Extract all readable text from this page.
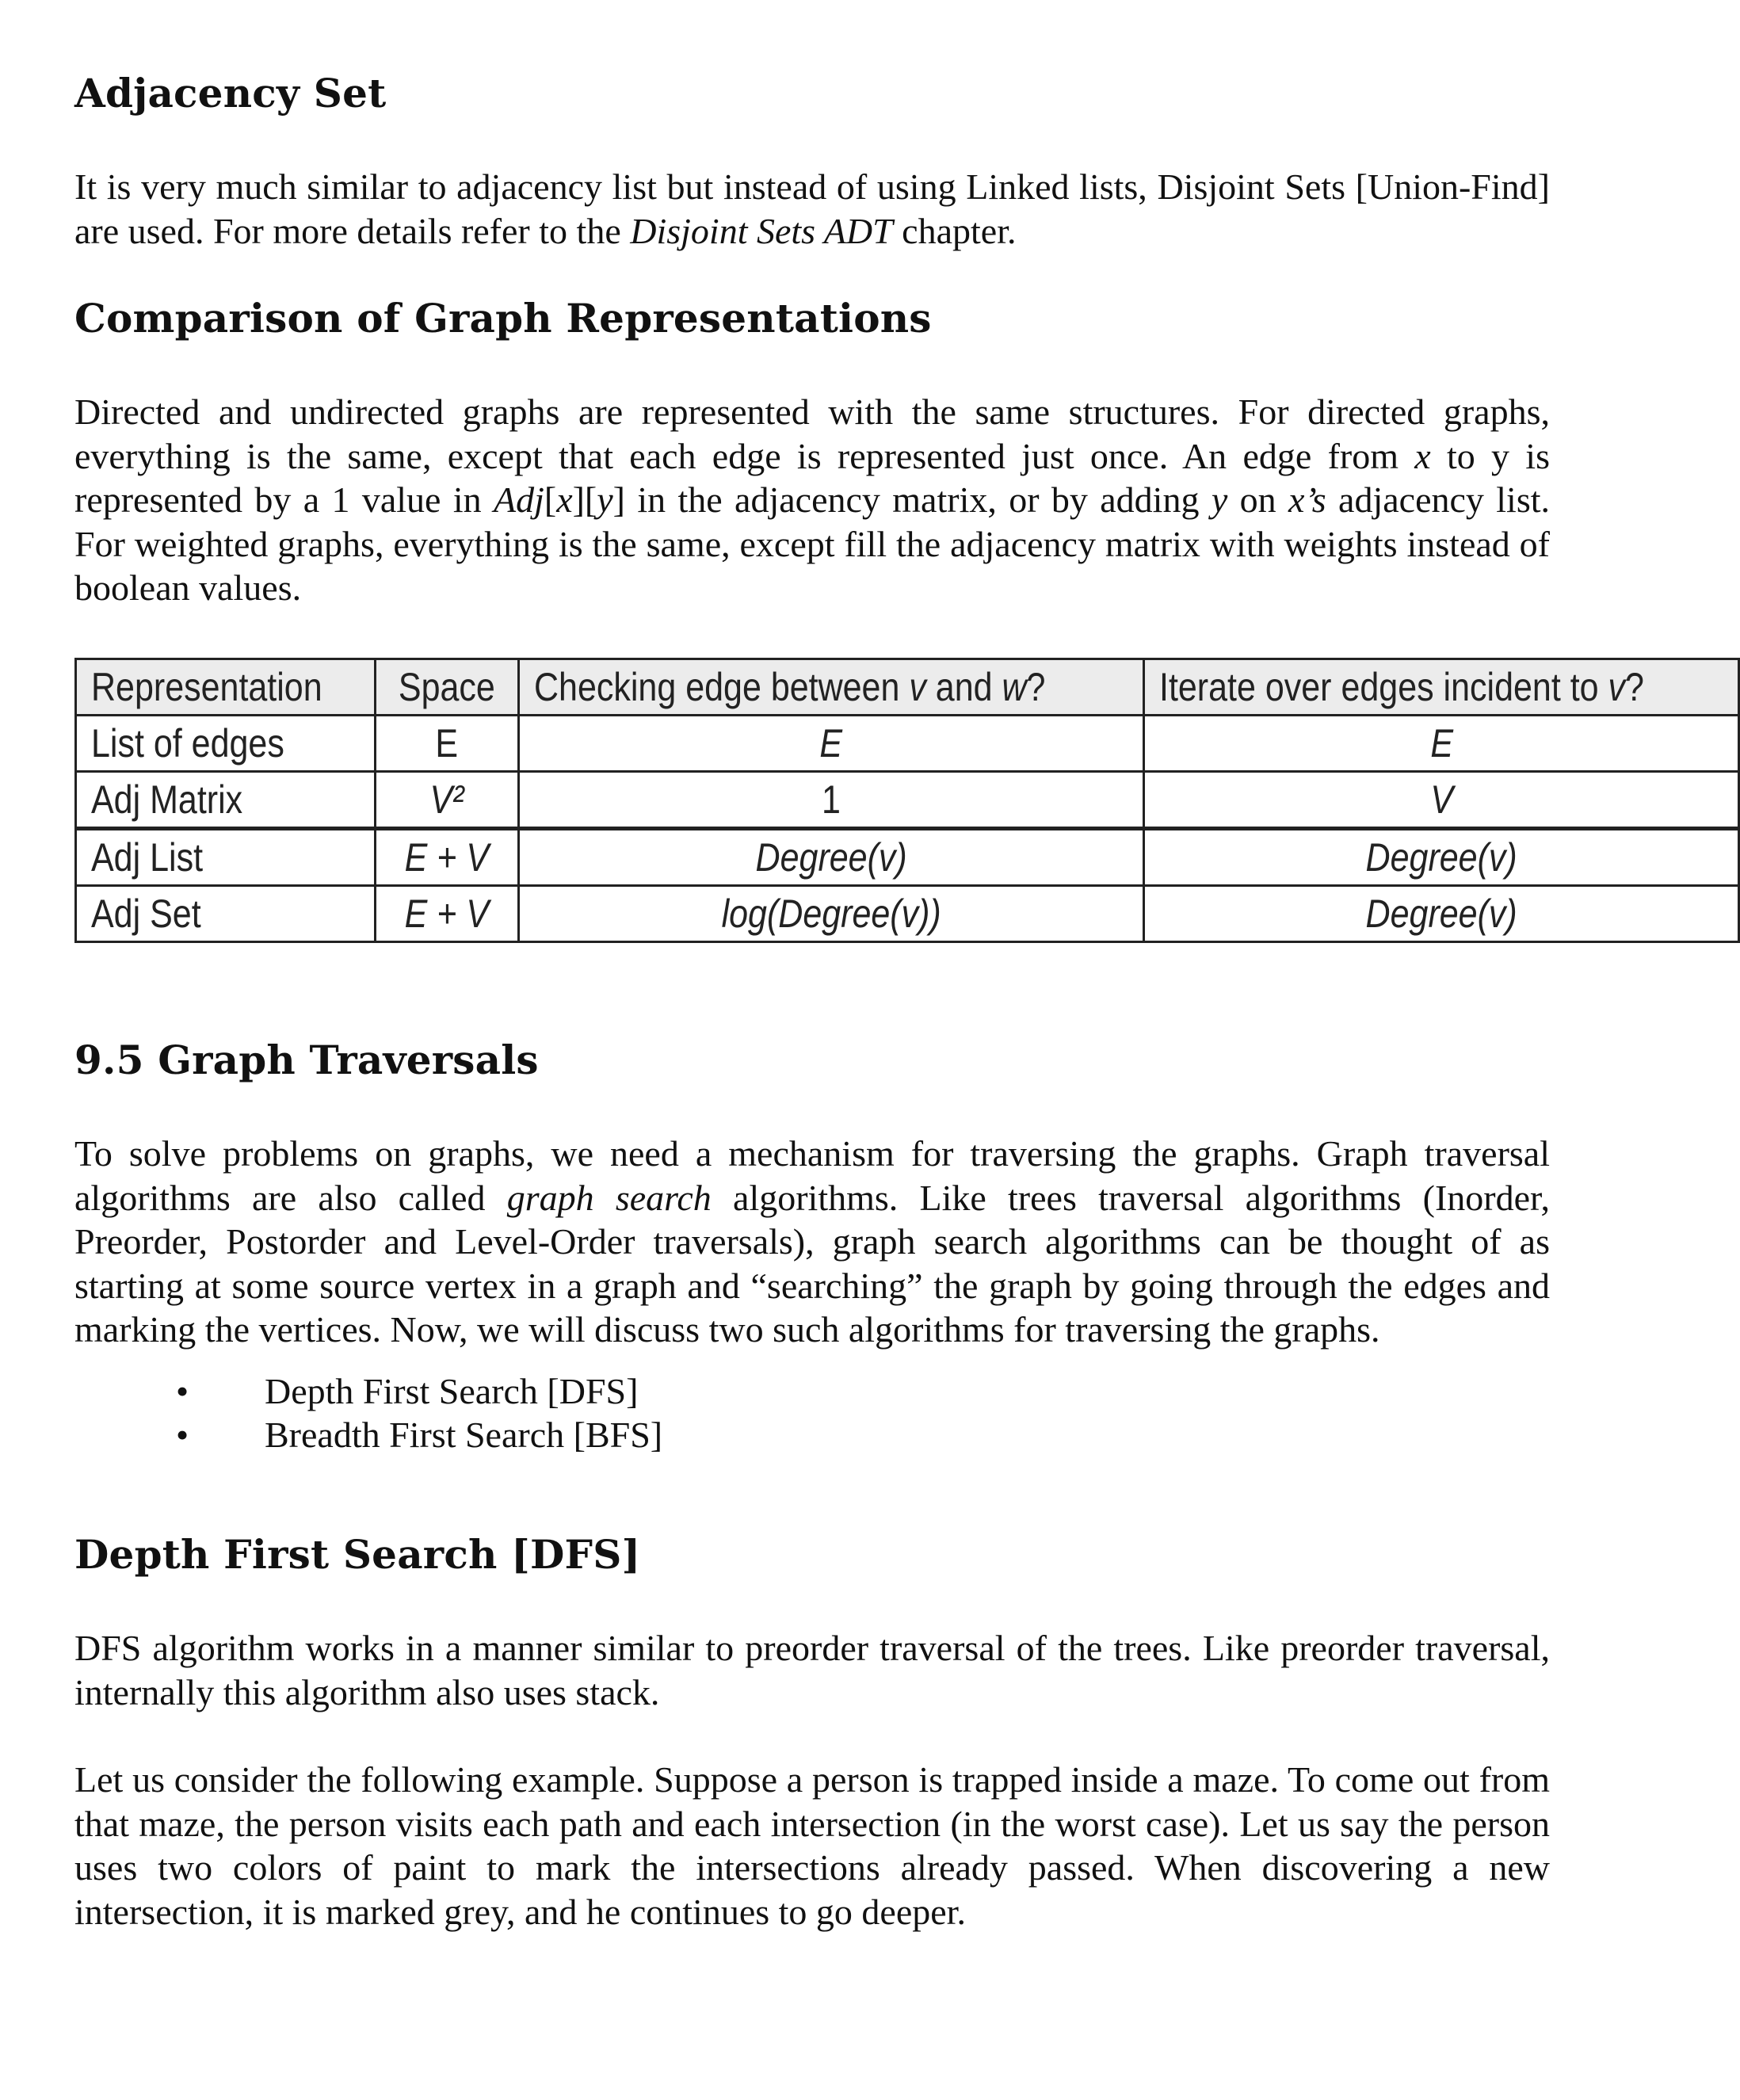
Adjacency Set

It is very much similar to adjacency list but instead of using Linked lists, Disjoint Sets [Union-Find] are used. For more details refer to the Disjoint Sets ADT chapter.

Comparison of Graph Representations

Directed and undirected graphs are represented with the same structures. For directed graphs, everything is the same, except that each edge is represented just once. An edge from x to y is represented by a 1 value in Adj[x][y] in the adjacency matrix, or by adding y on x’s adjacency list. For weighted graphs, everything is the same, except fill the adjacency matrix with weights instead of boolean values.

Representation	Space	Checking edge between v and w?	Iterate over edges incident to v?
List of edges	E	E	E
Adj Matrix	V²	1	V
Adj List	E + V	Degree(v)	Degree(v)
Adj Set	E + V	log(Degree(v))	Degree(v)
9.5 Graph Traversals

To solve problems on graphs, we need a mechanism for traversing the graphs. Graph traversal algorithms are also called graph search algorithms. Like trees traversal algorithms (Inorder, Preorder, Postorder and Level-Order traversals), graph search algorithms can be thought of as starting at some source vertex in a graph and “searching” the graph by going through the edges and marking the vertices. Now, we will discuss two such algorithms for traversing the graphs.

• Depth First Search [DFS]
• Breadth First Search [BFS]
Depth First Search [DFS]

DFS algorithm works in a manner similar to preorder traversal of the trees. Like preorder traversal, internally this algorithm also uses stack.

Let us consider the following example. Suppose a person is trapped inside a maze. To come out from that maze, the person visits each path and each intersection (in the worst case). Let us say the person uses two colors of paint to mark the intersections already passed. When discovering a new intersection, it is marked grey, and he continues to go deeper.
